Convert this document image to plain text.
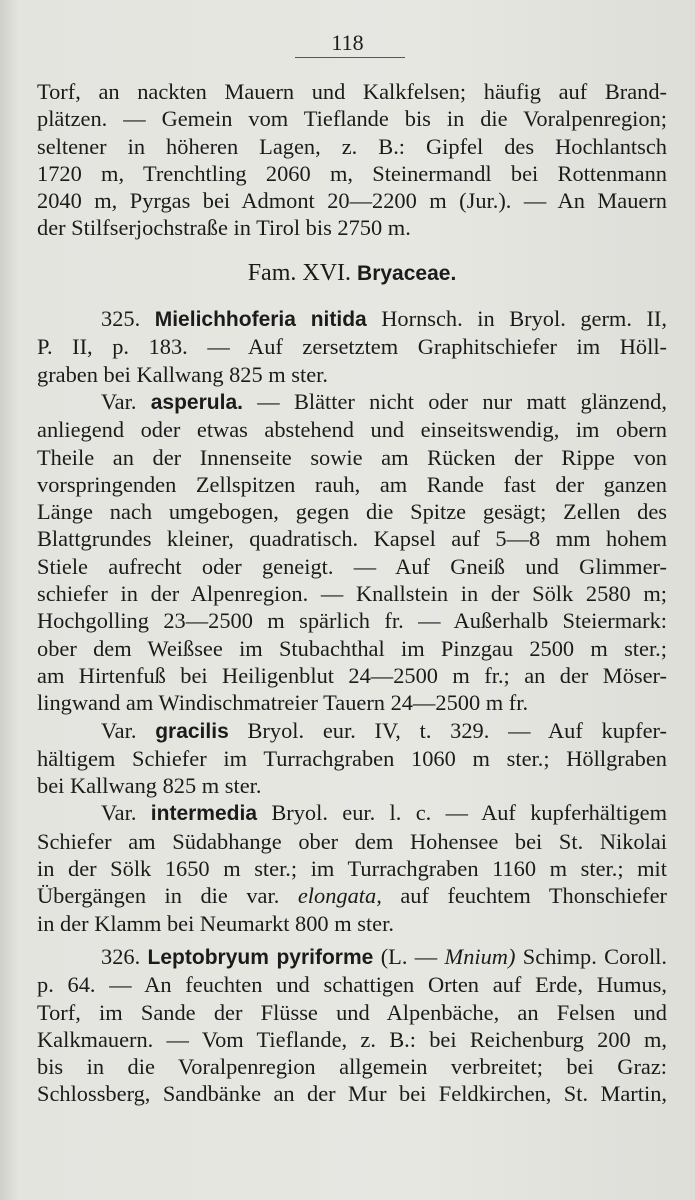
118
Torf, an nackten Mauern und Kalkfelsen; häufig auf Brand-
plätzen. — Gemein vom Tieflande bis in die Voralpenregion;
seltener in höheren Lagen, z. B.: Gipfel des Hochlantsch
1720 m, Trenchtling 2060 m, Steinermandl bei Rottenmann
2040 m, Pyrgas bei Admont 20—2200 m (Jur.). — An Mauern
der Stilfserjochstraße in Tirol bis 2750 m.
Fam. XVI. Bryaceae.
325. Mielichhoferia nitida Hornsch. in Bryol. germ. II,
P. II, p. 183. — Auf zersetztem Graphitschiefer im Höll-
graben bei Kallwang 825 m ster.
Var. asperula. — Blätter nicht oder nur matt glänzend,
anliegend oder etwas abstehend und einseitswendig, im obern
Theile an der Innenseite sowie am Rücken der Rippe von
vorspringenden Zellspitzen rauh, am Rande fast der ganzen
Länge nach umgebogen, gegen die Spitze gesägt; Zellen des
Blattgrundes kleiner, quadratisch. Kapsel auf 5—8 mm hohem
Stiele aufrecht oder geneigt. — Auf Gneiß und Glimmer-
schiefer in der Alpenregion. — Knallstein in der Sölk 2580 m;
Hochgolling 23—2500 m spärlich fr. — Außerhalb Steiermark:
ober dem Weißsee im Stubachthal im Pinzgau 2500 m ster.;
am Hirtenfuß bei Heiligenblut 24—2500 m fr.; an der Möser-
lingwand am Windischmatreier Tauern 24—2500 m fr.
Var. gracilis Bryol. eur. IV, t. 329. — Auf kupfer-
hältigem Schiefer im Turrachgraben 1060 m ster.; Höllgraben
bei Kallwang 825 m ster.
Var. intermedia Bryol. eur. l. c. — Auf kupferhältigem
Schiefer am Südabhange ober dem Hohensee bei St. Nikolai
in der Sölk 1650 m ster.; im Turrachgraben 1160 m ster.; mit
Übergängen in die var. elongata, auf feuchtem Thonschiefer
in der Klamm bei Neumarkt 800 m ster.
326. Leptobryum pyriforme (L. — Mnium) Schimp. Coroll.
p. 64. — An feuchten und schattigen Orten auf Erde, Humus,
Torf, im Sande der Flüsse und Alpenbäche, an Felsen und
Kalkmauern. — Vom Tieflande, z. B.: bei Reichenburg 200 m,
bis in die Voralpenregion allgemein verbreitet; bei Graz:
Schlossberg, Sandbänke an der Mur bei Feldkirchen, St. Martin,
